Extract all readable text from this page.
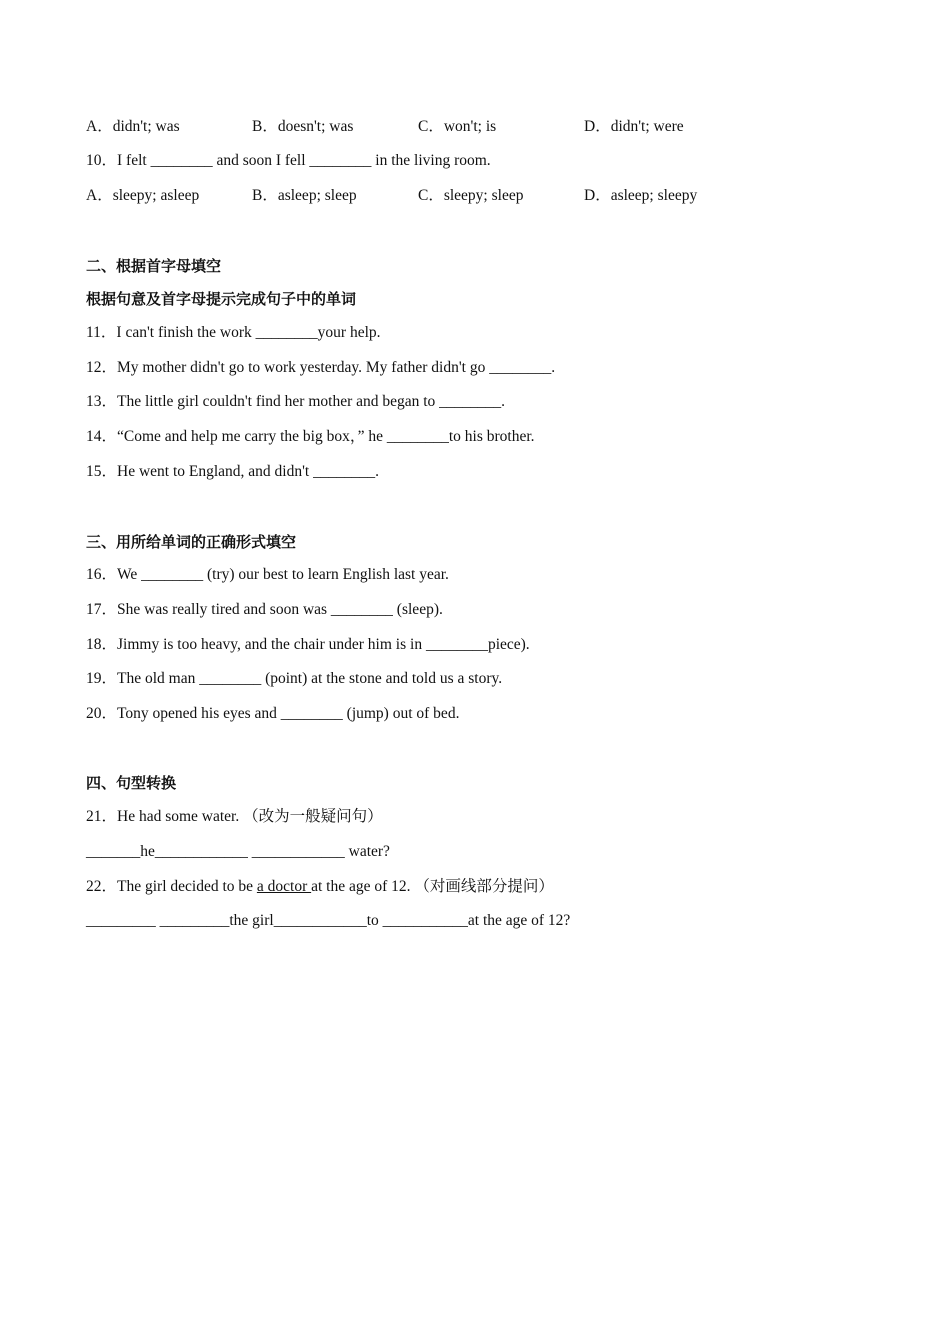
A．didn't; was	B．doesn't; was	C．won't; is	D．didn't; were
10．I felt ________ and soon I fell ________ in the living room.
A．sleepy; asleep	B．asleep; sleep	C．sleepy; sleep	D．asleep; sleepy
二、根据首字母填空
根据句意及首字母提示完成句子中的单词
11．I can't finish the work ________your help.
12．My mother didn't go to work yesterday. My father didn't go ________.
13．The little girl couldn't find her mother and began to ________.
14．“Come and help me carry the big box，” he ________to his brother.
15．He went to England, and didn't ________.
三、用所给单词的正确形式填空
16．We ________ (try) our best to learn English last year.
17．She was really tired and soon was ________ (sleep).
18．Jimmy is too heavy, and the chair under him is in ________piece).
19．The old man ________ (point) at the stone and told us a story.
20．Tony opened his eyes and ________ (jump) out of bed.
四、句型转换
21．He had some water. （改为一般疑问句）
_______he____________ ____________ water?
22．The girl decided to be a doctor at the age of 12. （对画线部分提问）
_________ _________the girl____________to ___________at the age of 12?
